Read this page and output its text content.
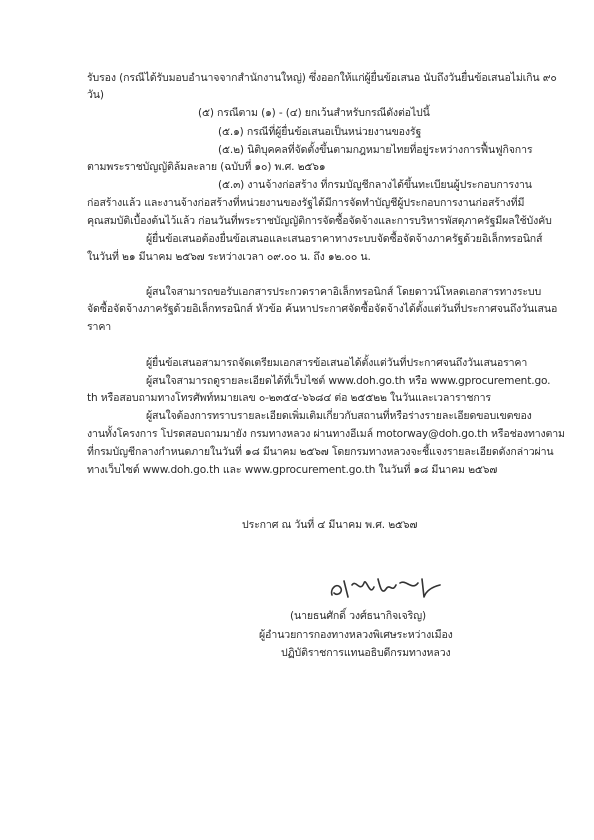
รับรอง (กรณีได้รับมอบอำนาจจากสำนักงานใหญ่) ซึ่งออกให้แก่ผู้ยื่นข้อเสนอ นับถึงวันยื่นข้อเสนอไม่เกิน ๙๐
วัน)
(๕) กรณีตาม (๑) - (๔) ยกเว้นสำหรับกรณีดังต่อไปนี้
(๕.๑) กรณีที่ผู้ยื่นข้อเสนอเป็นหน่วยงานของรัฐ
(๕.๒) นิติบุคคลที่จัดตั้งขึ้นตามกฎหมายไทยที่อยู่ระหว่างการฟื้นฟูกิจการ
ตามพระราชบัญญัติล้มละลาย (ฉบับที่ ๑๐) พ.ศ. ๒๕๖๑
(๕.๓) งานจ้างก่อสร้าง ที่กรมบัญชีกลางได้ขึ้นทะเบียนผู้ประกอบการงาน
ก่อสร้างแล้ว และงานจ้างก่อสร้างที่หน่วยงานของรัฐได้มีการจัดทำบัญชีผู้ประกอบการงานก่อสร้างที่มี
คุณสมบัติเบื้องต้นไว้แล้ว ก่อนวันที่พระราชบัญญัติการจัดซื้อจัดจ้างและการบริหารพัสดุภาครัฐมีผลใช้บังคับ
ผู้ยื่นข้อเสนอต้องยื่นข้อเสนอและเสนอราคาทางระบบจัดซื้อจัดจ้างภาครัฐด้วยอิเล็กทรอนิกส์
ในวันที่ ๒๑ มีนาคม ๒๕๖๗ ระหว่างเวลา ๐๙.๐๐ น. ถึง ๑๒.๐๐ น.
ผู้สนใจสามารถขอรับเอกสารประกวดราคาอิเล็กทรอนิกส์ โดยดาวน์โหลดเอกสารทางระบบ
จัดซื้อจัดจ้างภาครัฐด้วยอิเล็กทรอนิกส์ หัวข้อ ค้นหาประกาศจัดซื้อจัดจ้างได้ตั้งแต่วันที่ประกาศจนถึงวันเสนอ
ราคา
ผู้ยื่นข้อเสนอสามารถจัดเตรียมเอกสารข้อเสนอได้ตั้งแต่วันที่ประกาศจนถึงวันเสนอราคา
ผู้สนใจสามารถดูรายละเอียดได้ที่เว็บไซต์ www.doh.go.th หรือ www.gprocurement.go.
th หรือสอบถามทางโทรศัพท์หมายเลข ๐-๒๓๕๔-๖๖๘๔ ต่อ ๒๕๕๒๒ ในวันและเวลาราชการ
ผู้สนใจต้องการทราบรายละเอียดเพิ่มเติมเกี่ยวกับสถานที่หรือร่างรายละเอียดขอบเขตของ
งานทั้งโครงการ โปรดสอบถามมายัง กรมทางหลวง ผ่านทางอีเมล์ motorway@doh.go.th หรือช่องทางตาม
ที่กรมบัญชีกลางกำหนดภายในวันที่ ๑๘ มีนาคม ๒๕๖๗ โดยกรมทางหลวงจะชี้แจงรายละเอียดดังกล่าวผ่าน
ทางเว็บไซต์ www.doh.go.th และ www.gprocurement.go.th ในวันที่ ๑๘ มีนาคม ๒๕๖๗
ประกาศ ณ วันที่ ๔ มีนาคม พ.ศ. ๒๕๖๗
(นายธนศักดิ์ วงศ์ธนากิจเจริญ)
ผู้อำนวยการกองทางหลวงพิเศษระหว่างเมือง
ปฏิบัติราชการแทนอธิบดีกรมทางหลวง
